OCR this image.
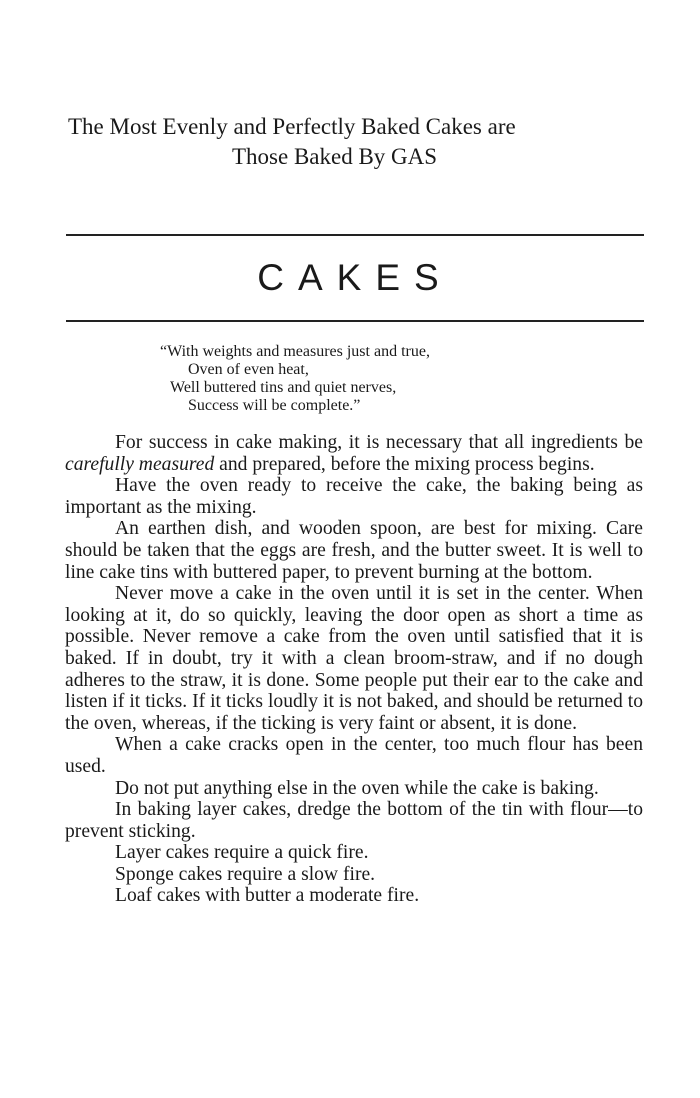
The Most Evenly and Perfectly Baked Cakes are
Those Baked By GAS
CAKES
“With weights and measures just and true,
Oven of even heat,
Well buttered tins and quiet nerves,
Success will be complete.”

For success in cake making, it is necessary that all ingredients be carefully measured and prepared, before the mixing process begins.

Have the oven ready to receive the cake, the baking being as important as the mixing.

An earthen dish, and wooden spoon, are best for mixing. Care should be taken that the eggs are fresh, and the butter sweet. It is well to line cake tins with buttered paper, to prevent burning at the bottom.

Never move a cake in the oven until it is set in the center. When looking at it, do so quickly, leaving the door open as short a time as possible. Never remove a cake from the oven until satisfied that it is baked. If in doubt, try it with a clean broom-straw, and if no dough adheres to the straw, it is done. Some people put their ear to the cake and listen if it ticks. If it ticks loudly it is not baked, and should be returned to the oven, whereas, if the ticking is very faint or absent, it is done.

When a cake cracks open in the center, too much flour has been used.

Do not put anything else in the oven while the cake is baking.

In baking layer cakes, dredge the bottom of the tin with flour—to prevent sticking.

Layer cakes require a quick fire.

Sponge cakes require a slow fire.

Loaf cakes with butter a moderate fire.
